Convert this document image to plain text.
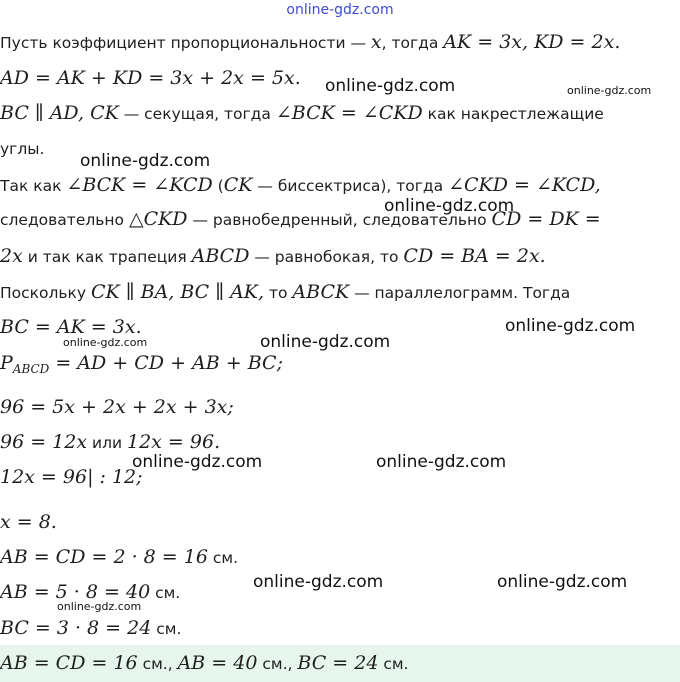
online-gdz.com
Пусть коэффициент пропорциональности — x, тогда AK = 3x, KD = 2x.
AD = AK + KD = 3x + 2x = 5x.
BC ∥ AD, CK — секущая, тогда ∠BCK = ∠CKD как накрестлежащие
углы.
Так как ∠BCK = ∠KCD (CK — биссектриса), тогда ∠CKD = ∠KCD,
следовательно △CKD — равнобедренный, следовательно CD = DK =
2x и так как трапеция ABCD — равнобокая, то CD = BA = 2x.
Поскольку CK ∥ BA, BC ∥ AK, то ABCK — параллелограмм. Тогда
BC = AK = 3x.
$P_{ABCD}$ = AD + CD + AB + BC;
96 = 5x + 2x + 2x + 3x;
96 = 12x или 12x = 96.
12x = 96| : 12;
x = 8.
AB = CD = 2 · 8 = 16 см.
AB = 5 · 8 = 40 см.
BC = 3 · 8 = 24 см.
AB = CD = 16 см., AB = 40 см., BC = 24 см.
online-gdz.com	online-gdz.com
online-gdz.com
online-gdz.com
online-gdz.com
online-gdz.com	online-gdz.com
online-gdz.com	online-gdz.com
online-gdz.com	online-gdz.com
online-gdz.com
